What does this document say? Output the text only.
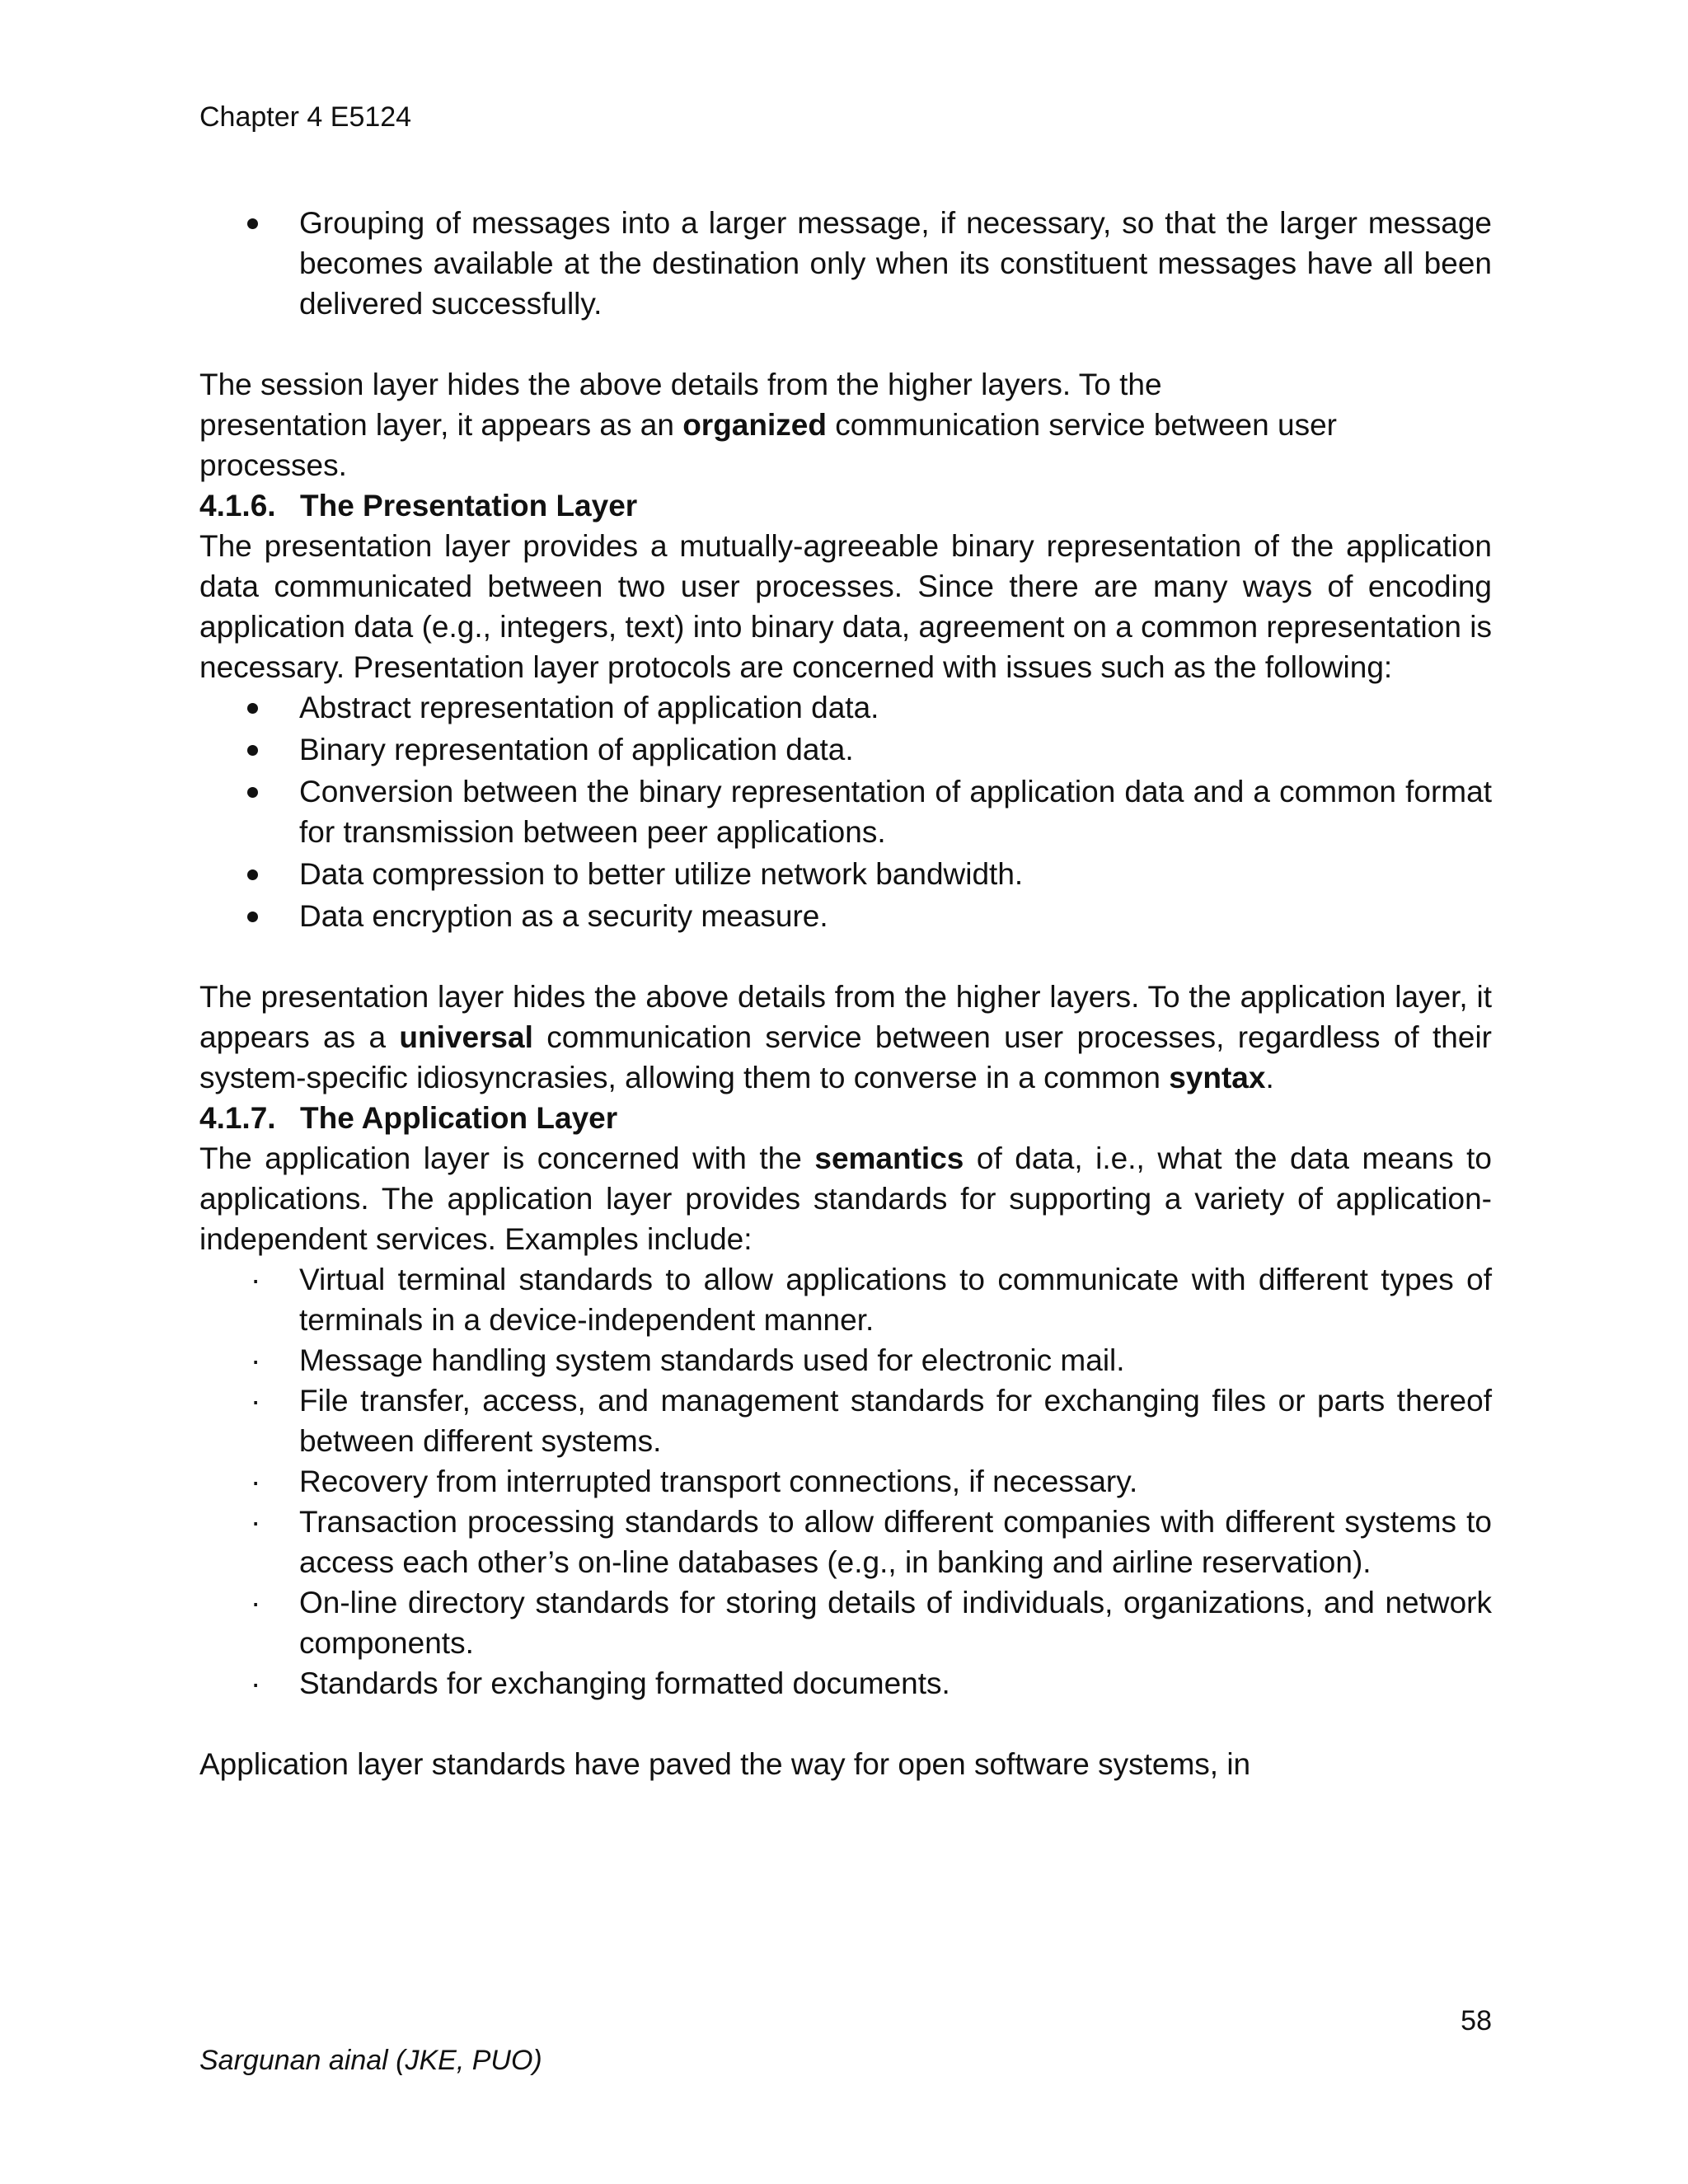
Chapter 4 E5124
Grouping of messages into a larger message, if necessary, so that the larger message becomes available at the destination only when its constituent messages have all been delivered successfully.

The session layer hides the above details from the higher layers. To the presentation layer, it appears as an organized communication service between user processes.

4.1.6. The Presentation Layer

The presentation layer provides a mutually-agreeable binary representation of the application data communicated between two user processes. Since there are many ways of encoding application data (e.g., integers, text) into binary data, agreement on a common representation is necessary. Presentation layer protocols are concerned with issues such as the following:

Abstract representation of application data.
Binary representation of application data.
Conversion between the binary representation of application data and a common format for transmission between peer applications.
Data compression to better utilize network bandwidth.
Data encryption as a security measure.

The presentation layer hides the above details from the higher layers. To the application layer, it appears as a universal communication service between user processes, regardless of their system-specific idiosyncrasies, allowing them to converse in a common syntax.

4.1.7. The Application Layer

The application layer is concerned with the semantics of data, i.e., what the data means to applications. The application layer provides standards for supporting a variety of application-independent services. Examples include:

·
Virtual terminal standards to allow applications to communicate with different types of terminals in a device-independent manner.
·
Message handling system standards used for electronic mail.
·
File transfer, access, and management standards for exchanging files or parts thereof between different systems.
·
Recovery from interrupted transport connections, if necessary.
·
Transaction processing standards to allow different companies with different systems to access each other’s on-line databases (e.g., in banking and airline reservation).
·
On-line directory standards for storing details of individuals, organizations, and network components.
·
Standards for exchanging formatted documents.

Application layer standards have paved the way for open software systems, in

58
Sargunan ainal (JKE, PUO)
